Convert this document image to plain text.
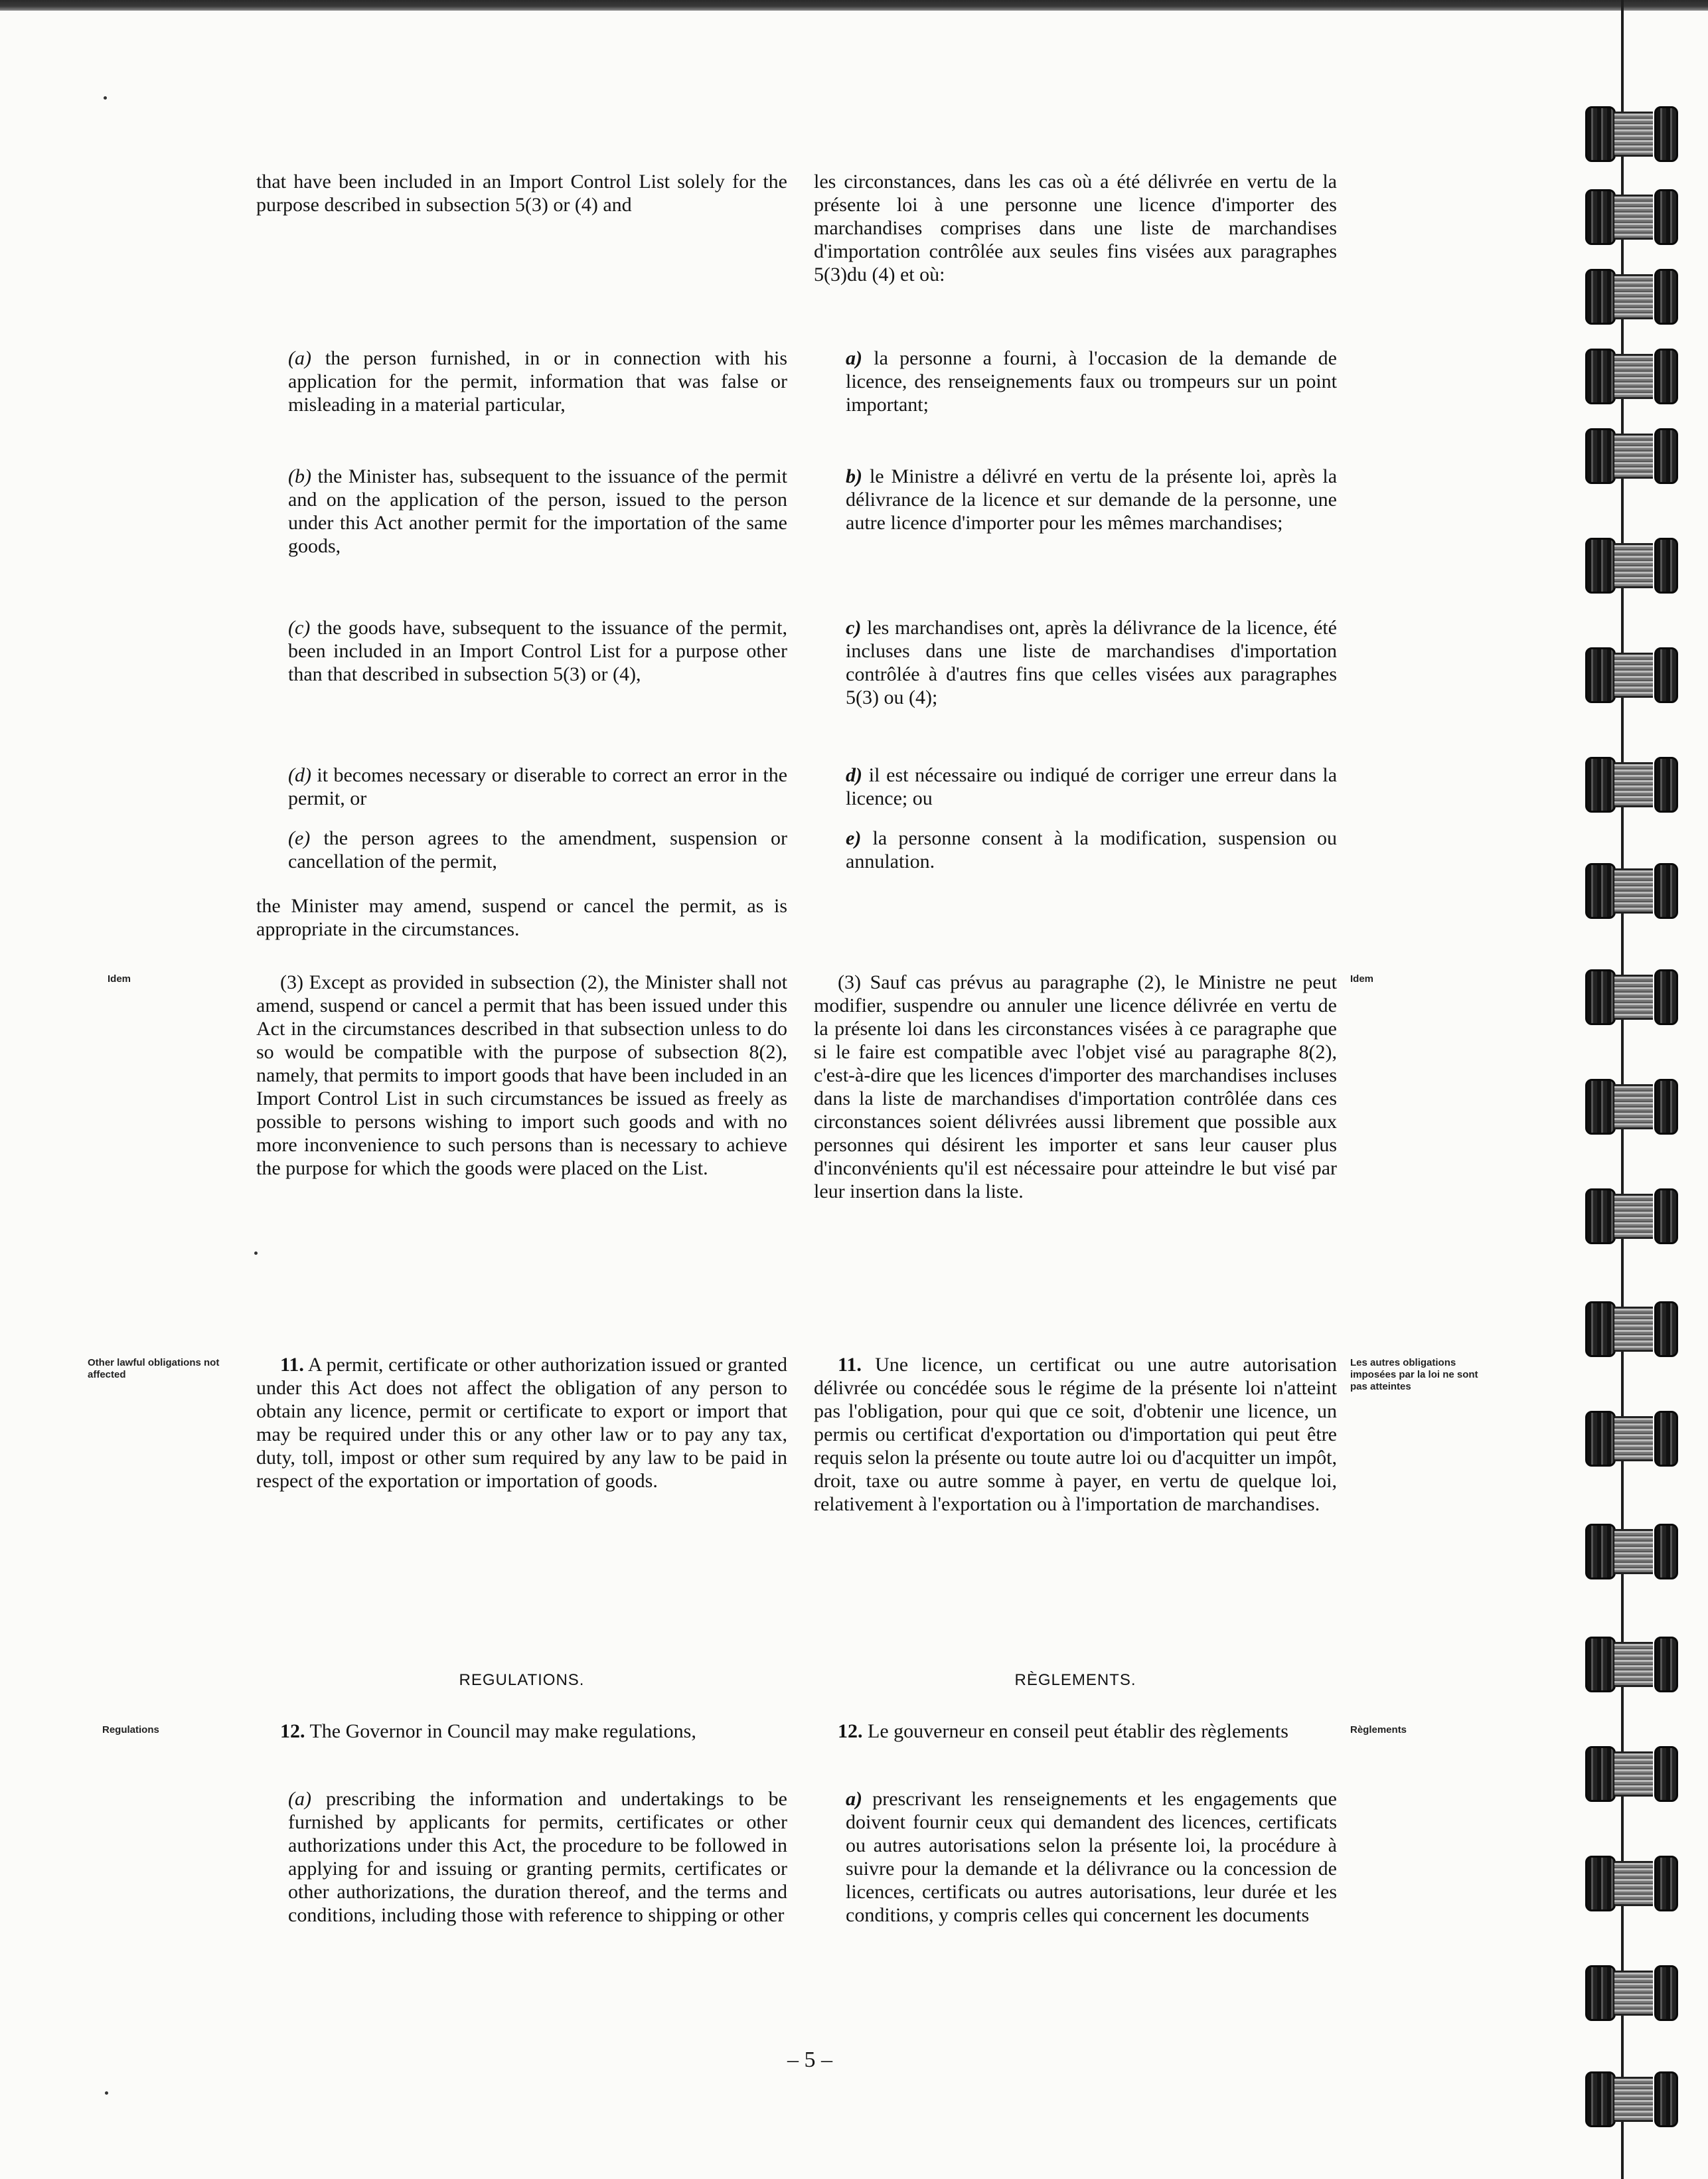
that have been included in an Import Control List solely for the purpose described in subsection 5(3) or (4) and

(a) the person furnished, in or in connection with his application for the permit, information that was false or misleading in a material particular,

(b) the Minister has, subsequent to the issuance of the permit and on the application of the person, issued to the person under this Act another permit for the importation of the same goods,

(c) the goods have, subsequent to the issuance of the permit, been included in an Import Control List for a purpose other than that described in subsection 5(3) or (4),

(d) it becomes necessary or diserable to correct an error in the permit, or

(e) the person agrees to the amendment, suspension or cancellation of the permit,

the Minister may amend, suspend or cancel the permit, as is appropriate in the circumstances.

(3) Except as provided in subsection (2), the Minister shall not amend, suspend or cancel a permit that has been issued under this Act in the circumstances described in that subsection unless to do so would be compatible with the purpose of subsection 8(2), namely, that permits to import goods that have been included in an Import Control List in such circumstances be issued as freely as possible to persons wishing to import such goods and with no more inconvenience to such persons than is necessary to achieve the purpose for which the goods were placed on the List.

11. A permit, certificate or other authorization issued or granted under this Act does not affect the obligation of any person to obtain any licence, permit or certificate to export or import that may be required under this or any other law or to pay any tax, duty, toll, impost or other sum required by any law to be paid in respect of the exportation or importation of goods.

12. The Governor in Council may make regulations,

(a) prescribing the information and undertakings to be furnished by applicants for permits, certificates or other authorizations under this Act, the procedure to be followed in applying for and issuing or granting permits, certificates or other authorizations, the duration thereof, and the terms and conditions, including those with reference to shipping or other

REGULATIONS.

les circonstances, dans les cas où a été délivrée en vertu de la présente loi à une personne une licence d'importer des marchandises comprises dans une liste de marchandises d'importation contrôlée aux seules fins visées aux paragraphes 5(3)du (4) et où:

a) la personne a fourni, à l'occasion de la demande de licence, des renseignements faux ou trompeurs sur un point important;

b) le Ministre a délivré en vertu de la présente loi, après la délivrance de la licence et sur demande de la personne, une autre licence d'importer pour les mêmes marchandises;

c) les marchandises ont, après la délivrance de la licence, été incluses dans une liste de marchandises d'importation contrôlée à d'autres fins que celles visées aux paragraphes 5(3) ou (4);

d) il est nécessaire ou indiqué de corriger une erreur dans la licence; ou

e) la personne consent à la modification, suspension ou annulation.

(3) Sauf cas prévus au paragraphe (2), le Ministre ne peut modifier, suspendre ou annuler une licence délivrée en vertu de la présente loi dans les circonstances visées à ce paragraphe que si le faire est compatible avec l'objet visé au paragraphe 8(2), c'est-à-dire que les licences d'importer des marchandises incluses dans la liste de marchandises d'importation contrôlée dans ces circonstances soient délivrées aussi librement que possible aux personnes qui désirent les importer et sans leur causer plus d'inconvénients qu'il est nécessaire pour atteindre le but visé par leur insertion dans la liste.

11. Une licence, un certificat ou une autre autorisation délivrée ou concédée sous le régime de la présente loi n'atteint pas l'obligation, pour qui que ce soit, d'obtenir une licence, un permis ou certificat d'exportation ou d'importation qui peut être requis selon la présente ou toute autre loi ou d'acquitter un impôt, droit, taxe ou autre somme à payer, en vertu de quelque loi, relativement à l'exportation ou à l'importation de marchandises.

12. Le gouverneur en conseil peut établir des règlements

a) prescrivant les renseignements et les engagements que doivent fournir ceux qui demandent des licences, certificats ou autres autorisations selon la présente loi, la procédure à suivre pour la demande et la délivrance ou la concession de licences, certificats ou autres autorisations, leur durée et les conditions, y compris celles qui concernent les documents

RÈGLEMENTS.
Idem
Other lawful obligations not affected
Regulations
Idem
Les autres obligations imposées par la loi ne sont pas atteintes
Règlements
– 5 –
